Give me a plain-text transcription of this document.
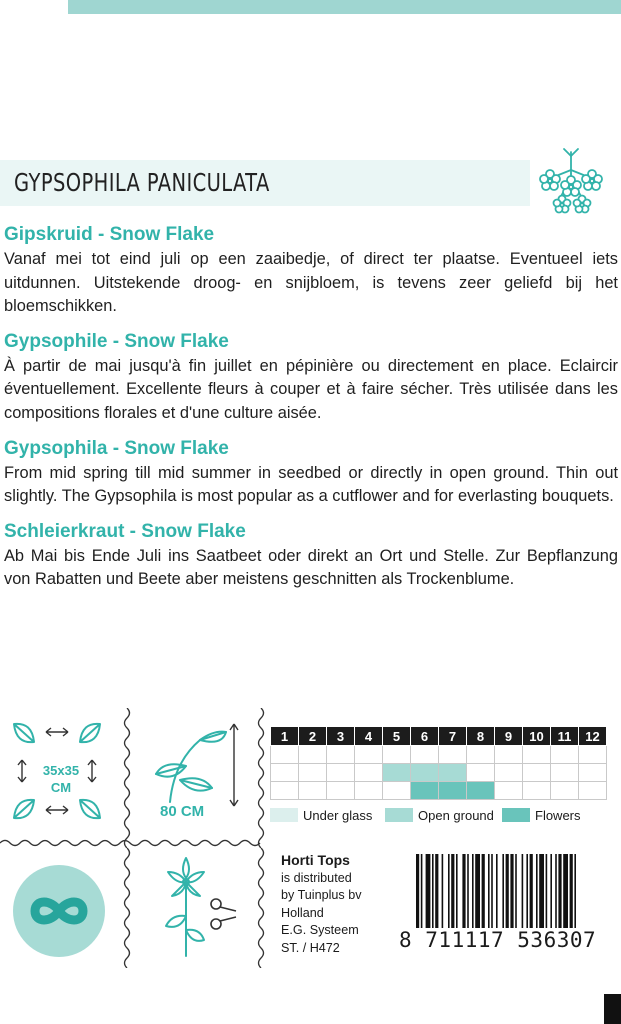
GYPSOPHILA PANICULATA
Gipskruid - Snow Flake
Vanaf mei tot eind juli op een zaaibedje, of direct ter plaatse. Eventueel iets uitdunnen. Uitstekende droog- en snijbloem, is tevens zeer geliefd bij het bloemschikken.
Gypsophile - Snow Flake
À partir de mai jusqu'à fin juillet en pépinière ou directement en place. Eclaircir éventuellement. Excellente fleurs à couper et à faire sécher. Très utilisée dans les compositions florales et d'une culture aisée.
Gypsophila - Snow Flake
From mid spring till mid summer in seedbed or directly in open ground. Thin out slightly. The Gypsophila is most popular as a cutflower and for everlasting bouquets.
Schleierkraut - Snow Flake
Ab Mai bis Ende Juli ins Saatbeet oder direkt an Ort und Stelle. Zur Bepflanzung von Rabatten und Beete aber meistens geschnitten als Trockenblume.
35x35
CM
80 CM
1	2	3	4	5	6	7	8	9	10	11	12

Under glass	Open ground	Flowers
Horti Tops
is distributed
by Tuinplus bv
Holland
E.G. Systeem
ST. / H472	8 711117 536307
